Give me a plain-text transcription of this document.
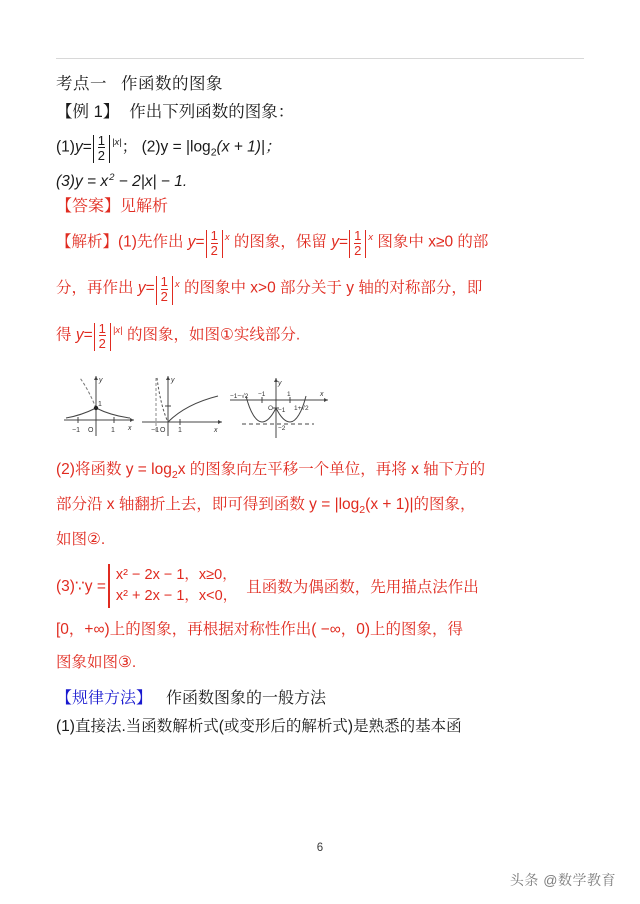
考点一 作函数的图象
【例 1】 作出下列函数的图象：
$(1)y= \frac{1}{2} ^{|x|}$； $(2)y = |\log_2(x + 1)|$；
$(3)y = x^2 - 2|x| - 1$.
【答案】见解析
【解析】(1)先作出 $y= \frac{1}{2} ^x$ 的图象，保留 $y= \frac{1}{2} ^x$ 图象中 x≥0 的部
分，再作出 $y= \frac{1}{2} ^x$ 的图象中 x>0 部分关于 y 轴的对称部分，即
得 $y= \frac{1}{2} ^{|x|}$ 的图象，如图①实线部分.
−1 O	1
y
x
1
−1 O 1
y
x
−1−√2 −1
O
1
1+√2
−1
−2
y
x
(2)将函数 $y = \log_2x$ 的图象向左平移一个单位，再将 x 轴下方的
部分沿 x 轴翻折上去，即可得到函数 $y = |\log_2(x + 1)|$的图象，
如图②.
(3)∵y =
x² − 2x − 1，x≥0，
x² + 2x − 1，x<0， 且函数为偶函数，先用描点法作出
[0，+∞)上的图象，再根据对称性作出( −∞，0)上的图象，得
图象如图③.
【规律方法】 作函数图象的一般方法
(1)直接法.当函数解析式(或变形后的解析式)是熟悉的基本函
6
头条 @数学教育
